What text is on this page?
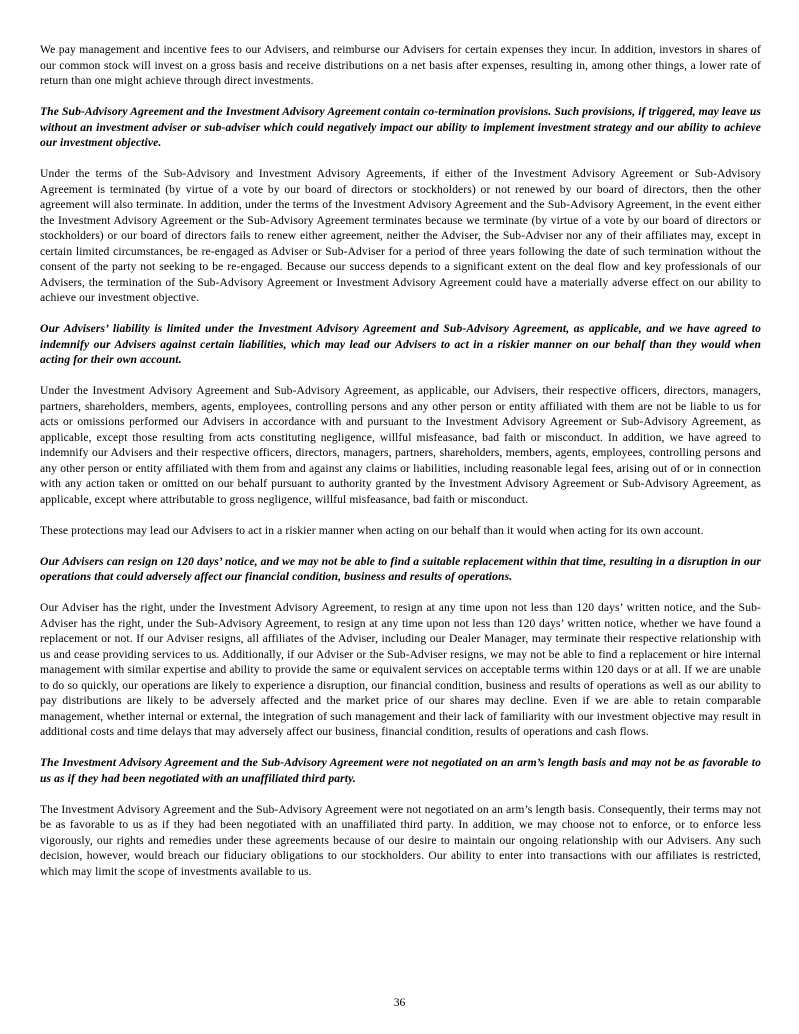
We pay management and incentive fees to our Advisers, and reimburse our Advisers for certain expenses they incur. In addition, investors in shares of our common stock will invest on a gross basis and receive distributions on a net basis after expenses, resulting in, among other things, a lower rate of return than one might achieve through direct investments.

The Sub-Advisory Agreement and the Investment Advisory Agreement contain co-termination provisions. Such provisions, if triggered, may leave us without an investment adviser or sub-adviser which could negatively impact our ability to implement investment strategy and our ability to achieve our investment objective.

Under the terms of the Sub-Advisory and Investment Advisory Agreements, if either of the Investment Advisory Agreement or Sub-Advisory Agreement is terminated (by virtue of a vote by our board of directors or stockholders) or not renewed by our board of directors, then the other agreement will also terminate. In addition, under the terms of the Investment Advisory Agreement and the Sub-Advisory Agreement, in the event either the Investment Advisory Agreement or the Sub-Advisory Agreement terminates because we terminate (by virtue of a vote by our board of directors or stockholders) or our board of directors fails to renew either agreement, neither the Adviser, the Sub-Adviser nor any of their affiliates may, except in certain limited circumstances, be re-engaged as Adviser or Sub-Adviser for a period of three years following the date of such termination without the consent of the party not seeking to be re-engaged. Because our success depends to a significant extent on the deal flow and key professionals of our Advisers, the termination of the Sub-Advisory Agreement or Investment Advisory Agreement could have a materially adverse effect on our ability to achieve our investment objective.

Our Advisers’ liability is limited under the Investment Advisory Agreement and Sub-Advisory Agreement, as applicable, and we have agreed to indemnify our Advisers against certain liabilities, which may lead our Advisers to act in a riskier manner on our behalf than they would when acting for their own account.

Under the Investment Advisory Agreement and Sub-Advisory Agreement, as applicable, our Advisers, their respective officers, directors, managers, partners, shareholders, members, agents, employees, controlling persons and any other person or entity affiliated with them are not be liable to us for acts or omissions performed our Advisers in accordance with and pursuant to the Investment Advisory Agreement or Sub-Advisory Agreement, as applicable, except those resulting from acts constituting negligence, willful misfeasance, bad faith or misconduct. In addition, we have agreed to indemnify our Advisers and their respective officers, directors, managers, partners, shareholders, members, agents, employees, controlling persons and any other person or entity affiliated with them from and against any claims or liabilities, including reasonable legal fees, arising out of or in connection with any action taken or omitted on our behalf pursuant to authority granted by the Investment Advisory Agreement or Sub-Advisory Agreement, as applicable, except where attributable to gross negligence, willful misfeasance, bad faith or misconduct.

These protections may lead our Advisers to act in a riskier manner when acting on our behalf than it would when acting for its own account.

Our Advisers can resign on 120 days’ notice, and we may not be able to find a suitable replacement within that time, resulting in a disruption in our operations that could adversely affect our financial condition, business and results of operations.

Our Adviser has the right, under the Investment Advisory Agreement, to resign at any time upon not less than 120 days’ written notice, and the Sub-Adviser has the right, under the Sub-Advisory Agreement, to resign at any time upon not less than 120 days’ written notice, whether we have found a replacement or not. If our Adviser resigns, all affiliates of the Adviser, including our Dealer Manager, may terminate their respective relationship with us and cease providing services to us. Additionally, if our Adviser or the Sub-Adviser resigns, we may not be able to find a replacement or hire internal management with similar expertise and ability to provide the same or equivalent services on acceptable terms within 120 days or at all. If we are unable to do so quickly, our operations are likely to experience a disruption, our financial condition, business and results of operations as well as our ability to pay distributions are likely to be adversely affected and the market price of our shares may decline. Even if we are able to retain comparable management, whether internal or external, the integration of such management and their lack of familiarity with our investment objective may result in additional costs and time delays that may adversely affect our business, financial condition, results of operations and cash flows.

The Investment Advisory Agreement and the Sub-Advisory Agreement were not negotiated on an arm’s length basis and may not be as favorable to us as if they had been negotiated with an unaffiliated third party.

The Investment Advisory Agreement and the Sub-Advisory Agreement were not negotiated on an arm’s length basis. Consequently, their terms may not be as favorable to us as if they had been negotiated with an unaffiliated third party. In addition, we may choose not to enforce, or to enforce less vigorously, our rights and remedies under these agreements because of our desire to maintain our ongoing relationship with our Advisers. Any such decision, however, would breach our fiduciary obligations to our stockholders. Our ability to enter into transactions with our affiliates is restricted, which may limit the scope of investments available to us.

36
